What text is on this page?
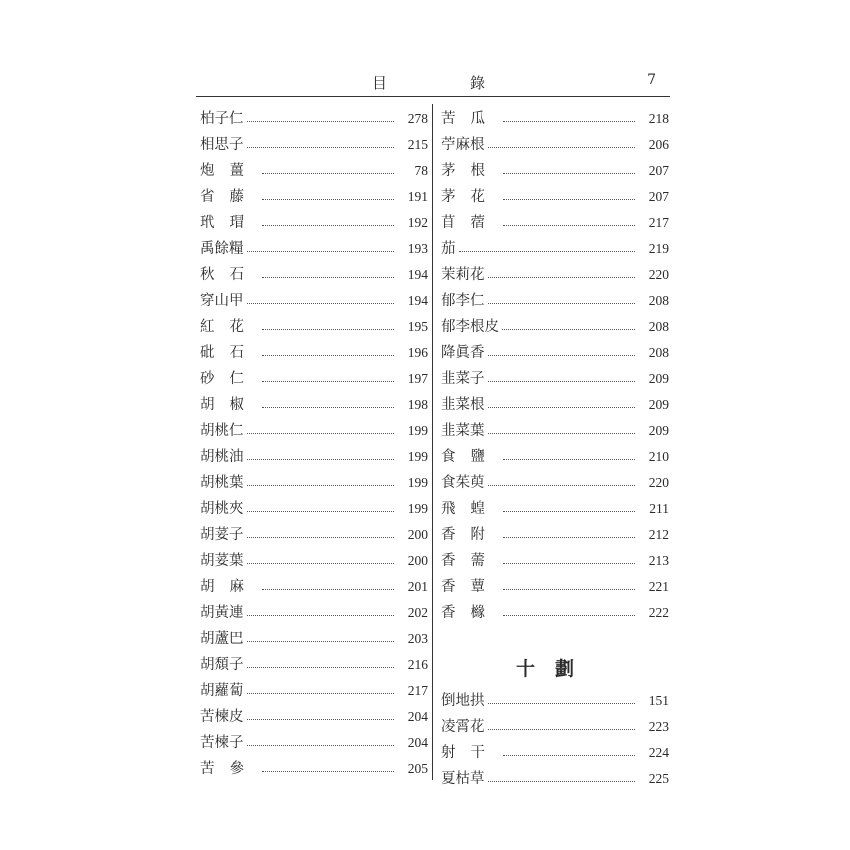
目	錄	7
柏子仁	278
相思子	215
炮薑	78
省藤	191
玳瑁	192
禹餘糧	193
秋石	194
穿山甲	194
紅花	195
砒石	196
砂仁	197
胡椒	198
胡桃仁	199
胡桃油	199
胡桃葉	199
胡桃夾	199
胡荽子	200
胡荽葉	200
胡麻	201
胡黃連	202
胡蘆巴	203
胡頹子	216
胡蘿蔔	217
苦楝皮	204
苦楝子	204
苦參	205
苦瓜	218
苧麻根	206
茅根	207
茅花	207
苜蓿	217
茄	219
茉莉花	220
郁李仁	208
郁李根皮	208
降眞香	208
韭菜子	209
韭菜根	209
韭菜葉	209
食鹽	210
食茱萸	220
飛蝗	211
香附	212
香薷	213
香蕈	221
香櫞	222
十劃
倒地拱	151
凌霄花	223
射干	224
夏枯草	225
